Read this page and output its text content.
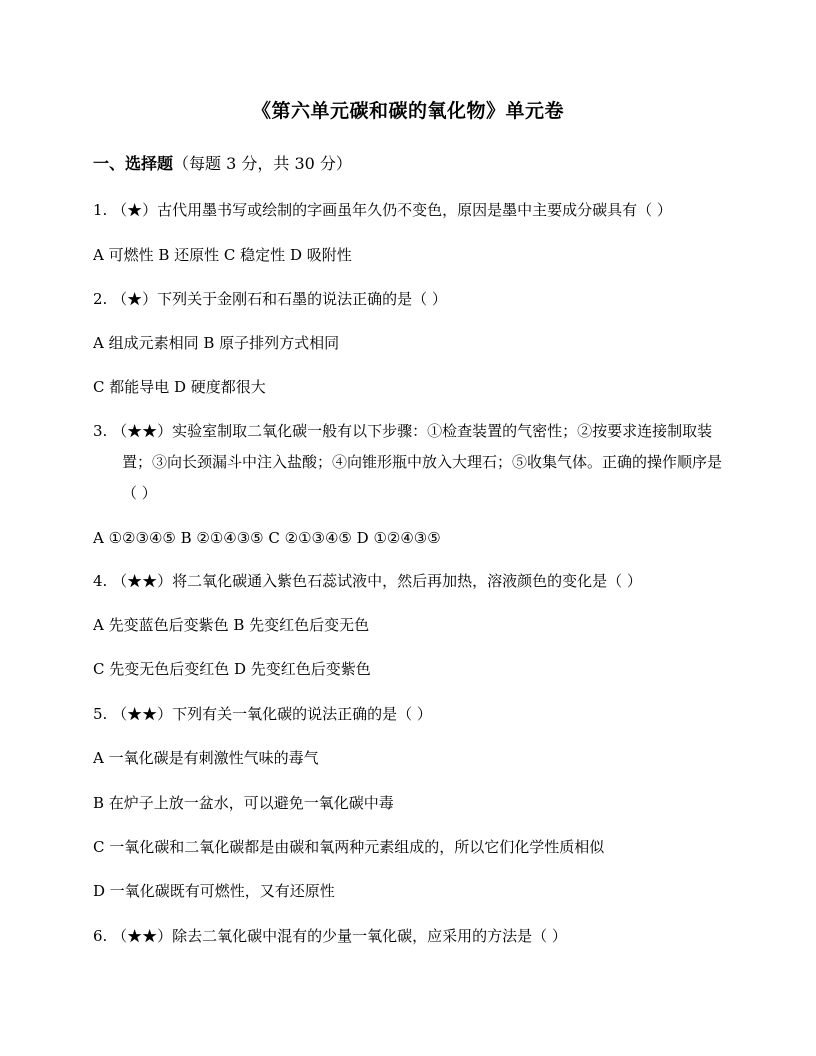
《第六单元碳和碳的氧化物》单元卷
一、选择题（每题 3 分，共 30 分）
1. （★）古代用墨书写或绘制的字画虽年久仍不变色，原因是墨中主要成分碳具有（ ）
A 可燃性 B 还原性 C 稳定性 D 吸附性
2. （★）下列关于金刚石和石墨的说法正确的是（ ）
A 组成元素相同 B 原子排列方式相同
C 都能导电 D 硬度都很大
3. （★★）实验室制取二氧化碳一般有以下步骤：①检查装置的气密性；②按要求连接制取装置；③向长颈漏斗中注入盐酸；④向锥形瓶中放入大理石；⑤收集气体。正确的操作顺序是（ ）
A ①②③④⑤ B ②①④③⑤ C ②①③④⑤ D ①②④③⑤
4. （★★）将二氧化碳通入紫色石蕊试液中，然后再加热，溶液颜色的变化是（ ）
A 先变蓝色后变紫色 B 先变红色后变无色
C 先变无色后变红色 D 先变红色后变紫色
5. （★★）下列有关一氧化碳的说法正确的是（ ）
A 一氧化碳是有刺激性气味的毒气
B 在炉子上放一盆水，可以避免一氧化碳中毒
C 一氧化碳和二氧化碳都是由碳和氧两种元素组成的，所以它们化学性质相似
D 一氧化碳既有可燃性，又有还原性
6. （★★）除去二氧化碳中混有的少量一氧化碳，应采用的方法是（ ）
